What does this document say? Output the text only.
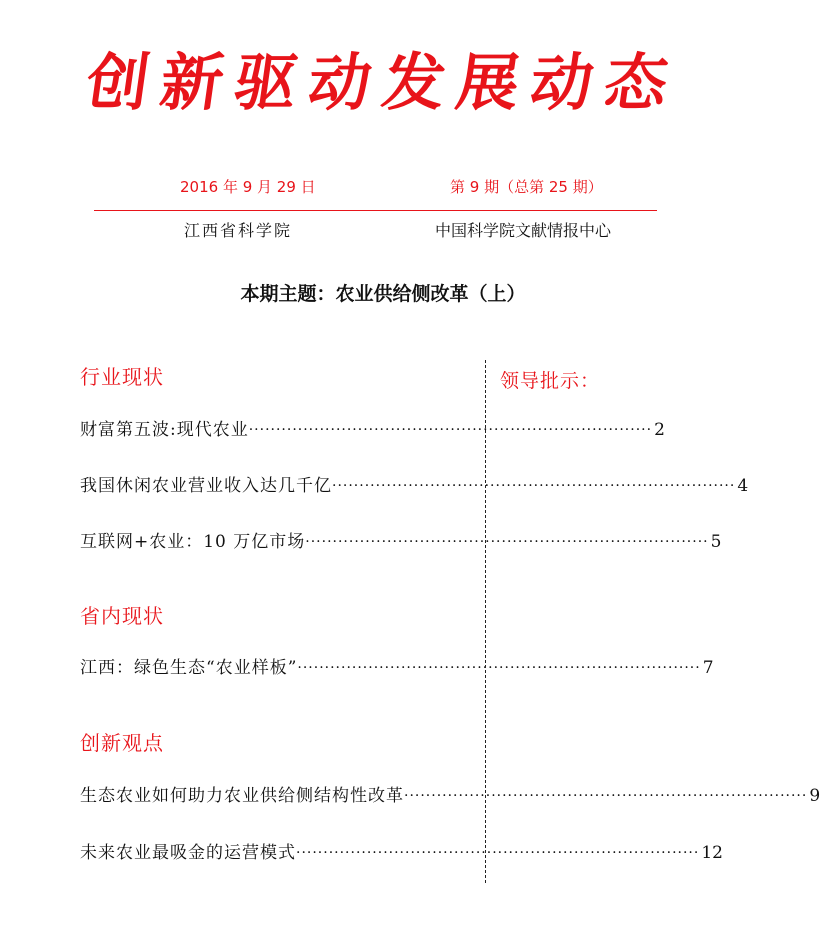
创新驱动发展动态
2016 年 9 月 29 日	第 9 期（总第 25 期）
江西省科学院	中国科学院文献情报中心
本期主题：农业供给侧改革（上）
行业现状
财富第五波:现代农业 ·········································································· 2
我国休闲农业营业收入达几千亿 ·········································································· 4
互联网+农业：10 万亿市场 ·········································································· 5
省内现状
江西：绿色生态“农业样板” ·········································································· 7
创新观点
生态农业如何助力农业供给侧结构性改革 ·········································································· 9
未来农业最吸金的运营模式 ·········································································· 12
领导批示：
